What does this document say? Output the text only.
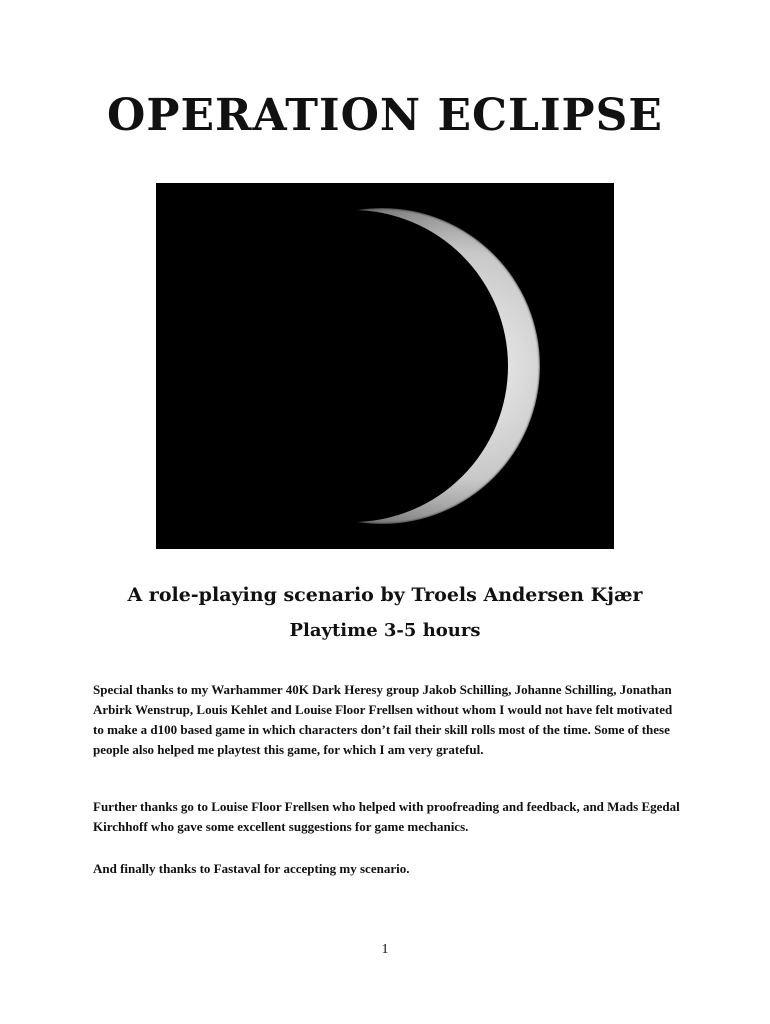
OPERATION ECLIPSE
A role-playing scenario by Troels Andersen Kjær
Playtime 3-5 hours
Special thanks to my Warhammer 40K Dark Heresy group Jakob Schilling, Johanne Schilling, Jonathan Arbirk Wenstrup, Louis Kehlet and Louise Floor Frellsen without whom I would not have felt motivated to make a d100 based game in which characters don’t fail their skill rolls most of the time. Some of these people also helped me playtest this game, for which I am very grateful.
Further thanks go to Louise Floor Frellsen who helped with proofreading and feedback, and Mads Egedal Kirchhoff who gave some excellent suggestions for game mechanics.
And finally thanks to Fastaval for accepting my scenario.
1
